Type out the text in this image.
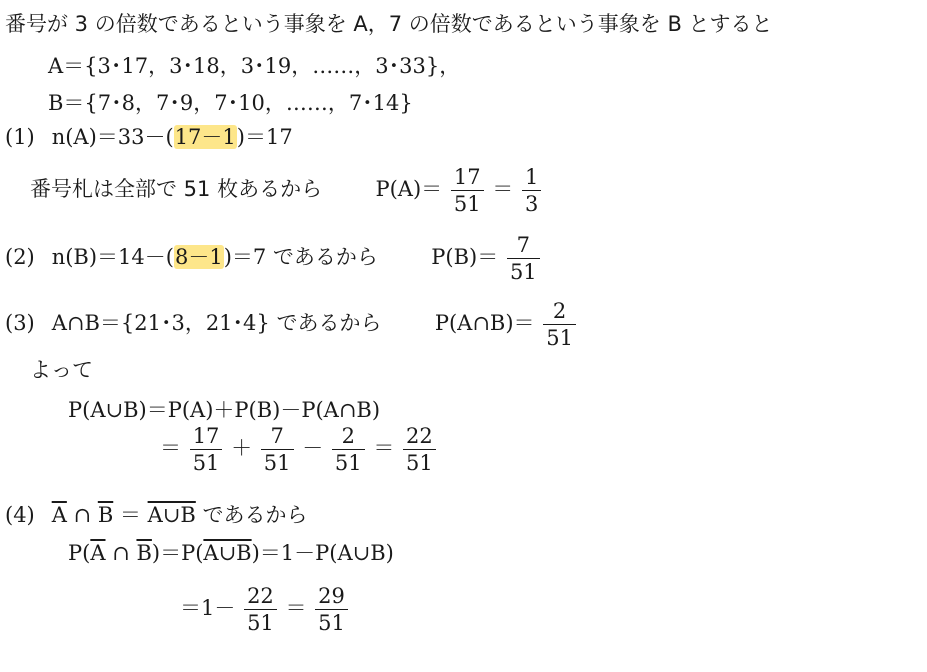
番号が 3 の倍数であるという事象を A，7 の倍数であるという事象を B とすると
A＝{3･17，3･18，3･19，……，3･33}，
B＝{7･8，7･9，7･10，……，7･14}
(1) n(A)＝33－(17－1)＝17
番号札は全部で 51 枚あるから	$P(A)= \frac{17}{51} = \frac{1}{3}$
(2) n(B)＝14－(8－1)＝7 であるから	$P(B)= \frac{7}{51}$
(3) A∩B＝{21･3，21･4} であるから	P(A∩B)＝ $\frac{2}{51}$
よって
P(A∪B)＝P(A)＋P(B)－P(A∩B)
＝ $\frac{17}{51} + \frac{7}{51} - \frac{2}{51} = \frac{22}{51}$
(4) $\overline{A}$ ∩ $\overline{B}$ ＝ A∪B であるから
$P(\overline{A}$ ∩ $\overline{B})=P(A\cup B)=1-P(A\cup B)$
$=1- \frac{22}{51} = \frac{29}{51}$
